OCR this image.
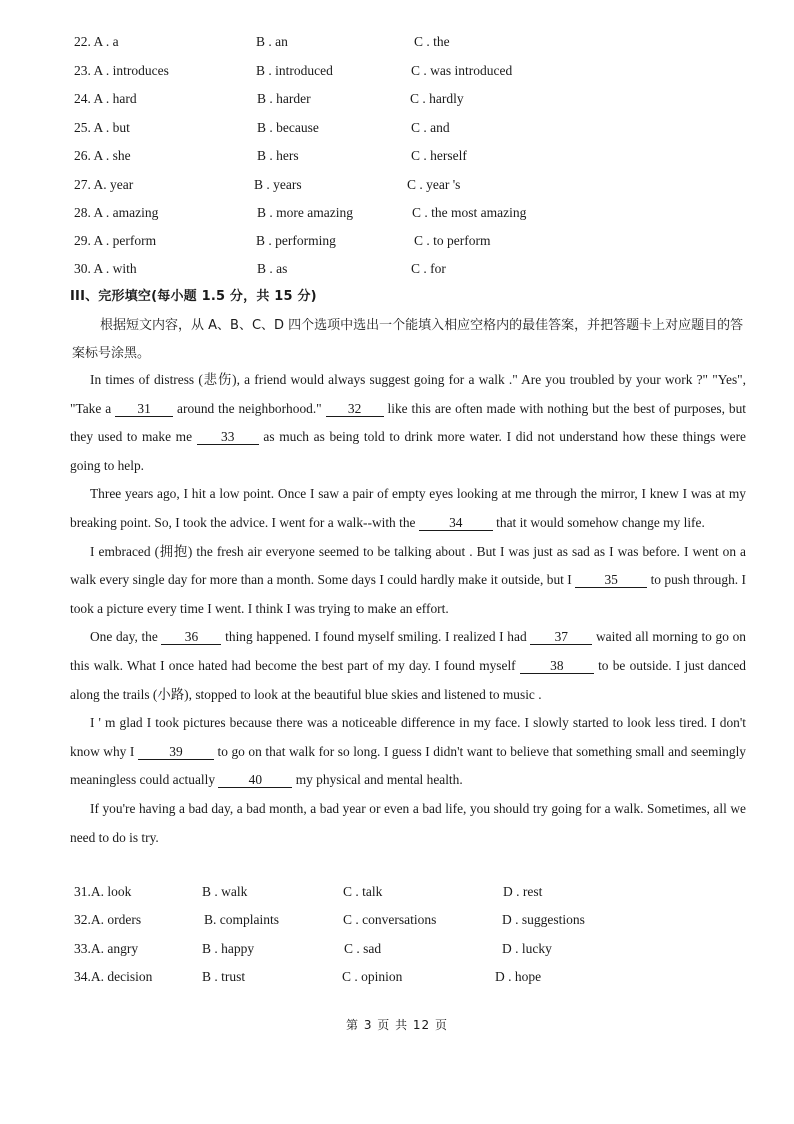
22. A . a	B . an	C . the
23. A . introduces	B . introduced	C . was introduced
24. A . hard	B . harder	C . hardly
25. A . but	B . because	C . and
26. A . she	B . hers	C . herself
27. A. year	B . years	C . year 's
28. A . amazing	B . more amazing	C . the most amazing
29. A . perform	B . performing	C . to perform
30. A . with	B . as	C . for
III、完形填空(每小题 1.5 分，共 15 分)
根据短文内容，从 A、B、C、D 四个选项中选出一个能填入相应空格内的最佳答案，并把答题卡上对应题目的答案标号涂黑。

In times of distress (悲伤), a friend would always suggest going for a walk ." Are you troubled by your work ?" "Yes", "Take a 31 around the neighborhood." 32 like this are often made with nothing but the best of purposes, but they used to make me 33 as much as being told to drink more water. I did not understand how these things were going to help.

Three years ago, I hit a low point. Once I saw a pair of empty eyes looking at me through the mirror, I knew I was at my breaking point. So, I took the advice. I went for a walk--with the 34 that it would somehow change my life.

I embraced (拥抱) the fresh air everyone seemed to be talking about . But I was just as sad as I was before. I went on a walk every single day for more than a month. Some days I could hardly make it outside, but I 35 to push through. I took a picture every time I went. I think I was trying to make an effort.

One day, the 36 thing happened. I found myself smiling. I realized I had 37 waited all morning to go on this walk. What I once hated had become the best part of my day. I found myself 38 to be outside. I just danced along the trails (小路), stopped to look at the beautiful blue skies and listened to music .

I ' m glad I took pictures because there was a noticeable difference in my face. I slowly started to look less tired. I don't know why I 39 to go on that walk for so long. I guess I didn't want to believe that something small and seemingly meaningless could actually 40 my physical and mental health.

If you're having a bad day, a bad month, a bad year or even a bad life, you should try going for a walk. Sometimes, all we need to do is try.

31.A. look	B . walk	C . talk	D . rest
32.A. orders	B. complaints	C . conversations	D . suggestions
33.A. angry	B . happy	C . sad	D . lucky
34.A. decision	B . trust	C . opinion	D . hope
第 3 页 共 12 页
